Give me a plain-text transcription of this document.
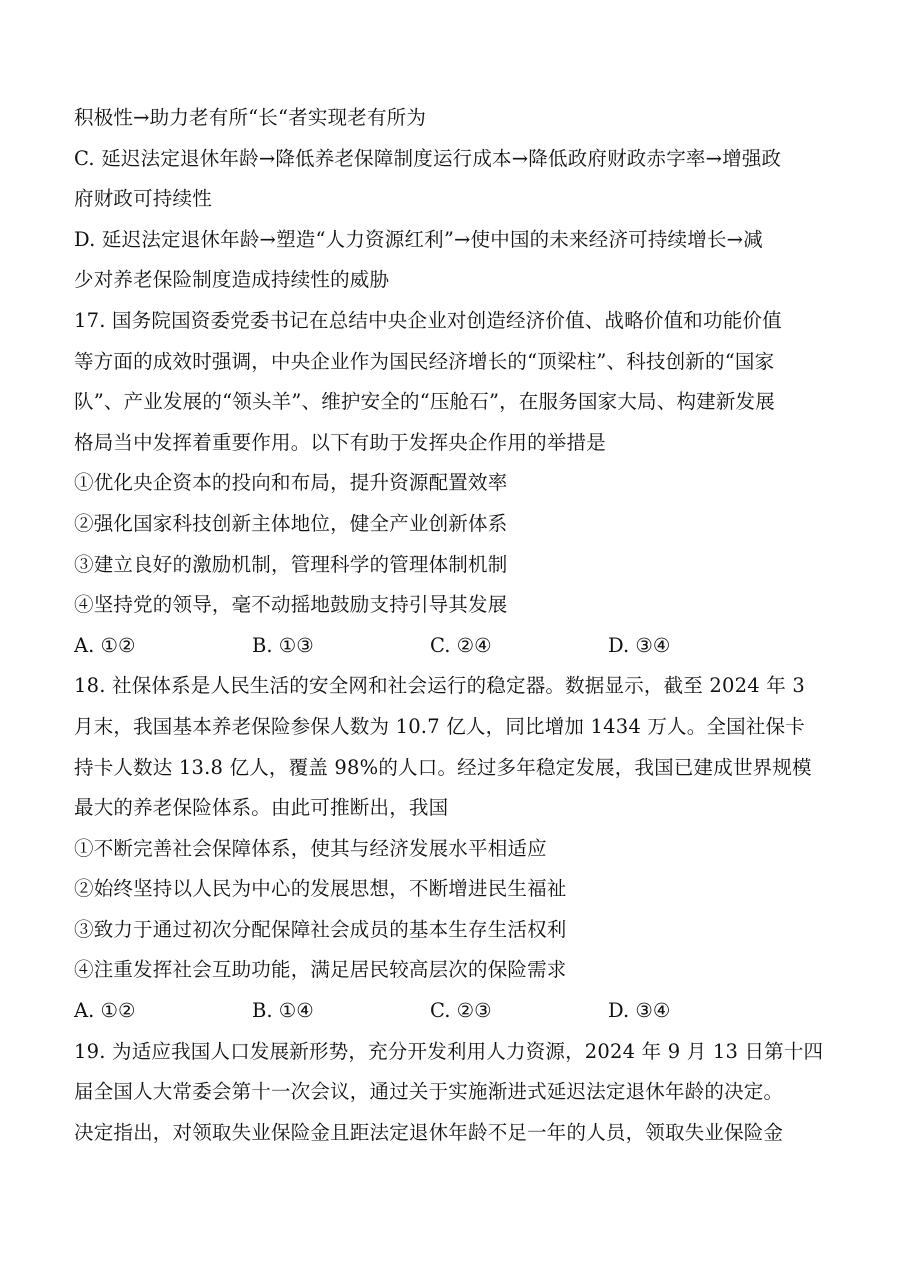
积极性→助力老有所“长“者实现老有所为
C. 延迟法定退休年龄→降低养老保障制度运行成本→降低政府财政赤字率→增强政
府财政可持续性
D. 延迟法定退休年龄→塑造“人力资源红利”→使中国的未来经济可持续增长→减
少对养老保险制度造成持续性的威胁
17. 国务院国资委党委书记在总结中央企业对创造经济价值、战略价值和功能价值
等方面的成效时强调，中央企业作为国民经济增长的“顶梁柱”、科技创新的“国家
队”、产业发展的“领头羊”、维护安全的“压舱石”，在服务国家大局、构建新发展
格局当中发挥着重要作用。以下有助于发挥央企作用的举措是
①优化央企资本的投向和布局，提升资源配置效率
②强化国家科技创新主体地位，健全产业创新体系
③建立良好的激励机制，管理科学的管理体制机制
④坚持党的领导，毫不动摇地鼓励支持引导其发展
A. ①②	B. ①③	C. ②④	D. ③④
18. 社保体系是人民生活的安全网和社会运行的稳定器。数据显示，截至 2024 年 3
月末，我国基本养老保险参保人数为 10.7 亿人，同比增加 1434 万人。全国社保卡
持卡人数达 13.8 亿人，覆盖 98%的人口。经过多年稳定发展，我国已建成世界规模
最大的养老保险体系。由此可推断出，我国
①不断完善社会保障体系，使其与经济发展水平相适应
②始终坚持以人民为中心的发展思想，不断增进民生福祉
③致力于通过初次分配保障社会成员的基本生存生活权利
④注重发挥社会互助功能，满足居民较高层次的保险需求
A. ①②	B. ①④	C. ②③	D. ③④
19. 为适应我国人口发展新形势，充分开发利用人力资源，2024 年 9 月 13 日第十四
届全国人大常委会第十一次会议，通过关于实施渐进式延迟法定退休年龄的决定。
决定指出，对领取失业保险金且距法定退休年龄不足一年的人员，领取失业保险金
